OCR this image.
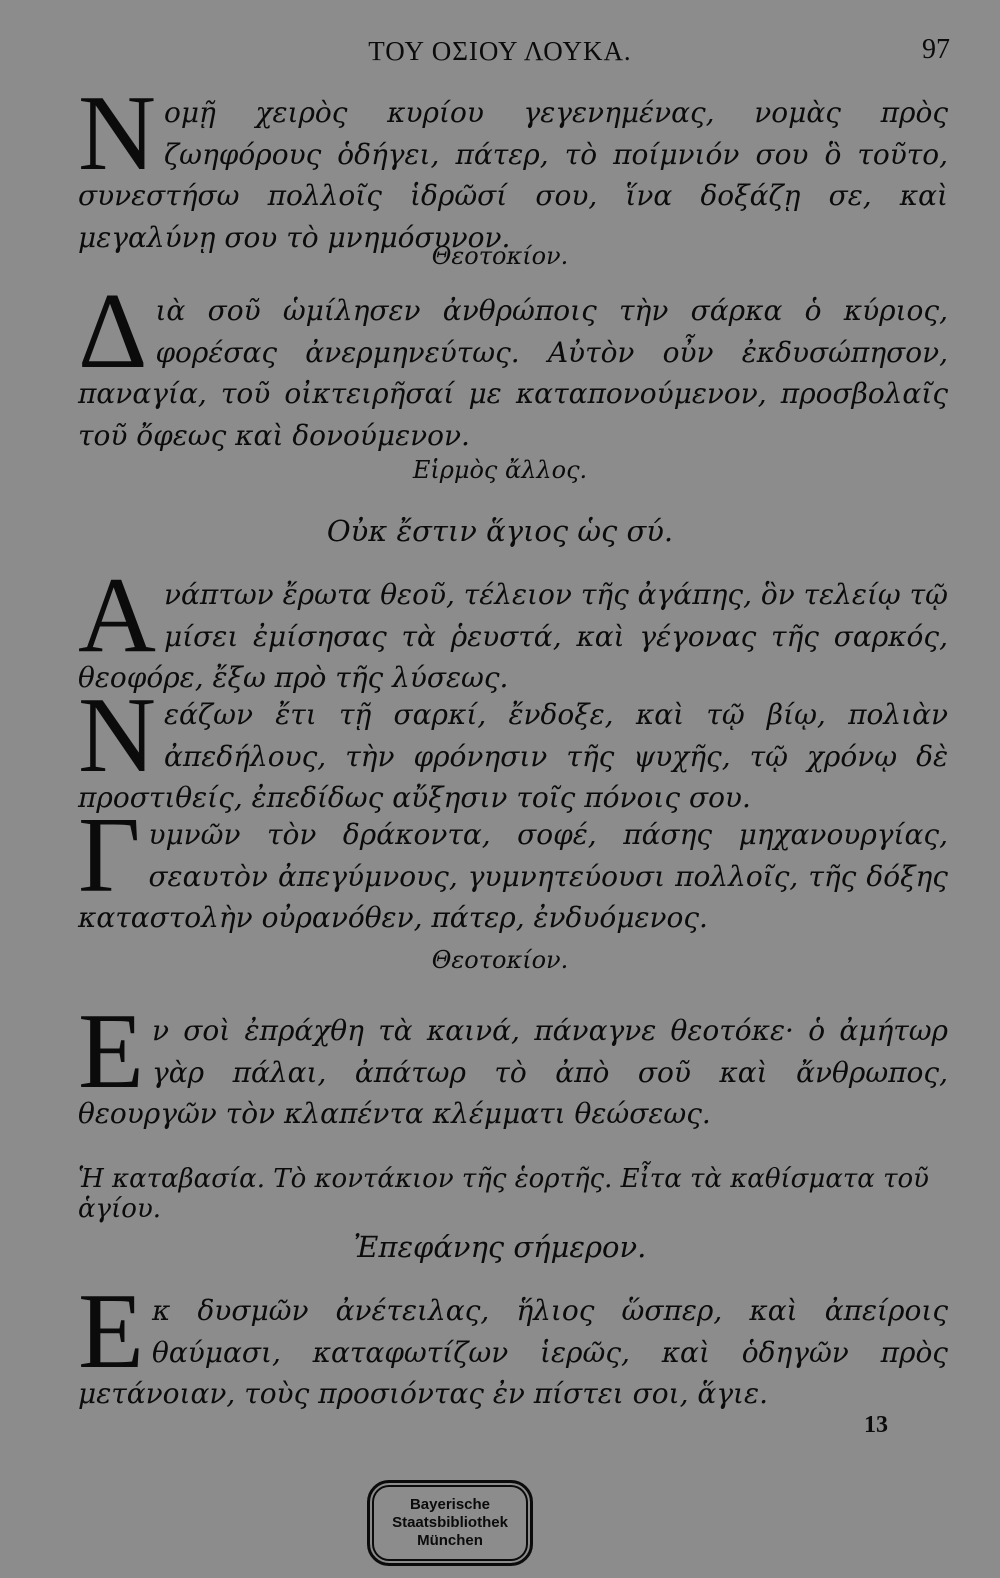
ΤΟΥ ΟΣΙΟΥ ΛΟΥΚΑ.	97

Νομῇ χειρὸς κυρίου γεγενημένας, νομὰς πρὸς ζωηφόρους ὁδήγει, πάτερ, τὸ ποίμνιόν σου ὃ τοῦτο, συνεστήσω πολλοῖς ἱδρῶσί σου, ἵνα δοξάζῃ σε, καὶ μεγαλύνῃ σου τὸ μνημόσυνον.

Θεοτοκίον.

Διὰ σοῦ ὡμίλησεν ἀνθρώποις τὴν σάρκα ὁ κύριος, φορέσας ἀνερμηνεύτως. Αὐτὸν οὖν ἐκδυσώπησον, παναγία, τοῦ οἰκτειρῆσαί με καταπονούμενον, προσβολαῖς τοῦ ὄφεως καὶ δονούμενον.

Εἱρμὸς ἄλλος.

Οὐκ ἔστιν ἅγιος ὡς σύ.

Ανάπτων ἔρωτα θεοῦ, τέλειον τῆς ἀγάπης, ὃν τελείῳ τῷ μίσει ἐμίσησας τὰ ῥευστά, καὶ γέγονας τῆς σαρκός, θεοφόρε, ἔξω πρὸ τῆς λύσεως.

Νεάζων ἔτι τῇ σαρκί, ἔνδοξε, καὶ τῷ βίῳ, πολιὰν ἀπεδήλους, τὴν φρόνησιν τῆς ψυχῆς, τῷ χρόνῳ δὲ προστιθείς, ἐπεδίδως αὔξησιν τοῖς πόνοις σου.

Γυμνῶν τὸν δράκοντα, σοφέ, πάσης μηχανουργίας, σεαυτὸν ἀπεγύμνους, γυμνητεύουσι πολλοῖς, τῆς δόξης καταστολὴν οὐρανόθεν, πάτερ, ἐνδυόμενος.

Θεοτοκίον.

Εν σοὶ ἐπράχθη τὰ καινά, πάναγνε θεοτόκε· ὁ ἀμήτωρ γὰρ πάλαι, ἀπάτωρ τὸ ἀπὸ σοῦ καὶ ἄνθρωπος, θεουργῶν τὸν κλαπέντα κλέμματι θεώσεως.

Ἡ καταβασία. Τὸ κοντάκιον τῆς ἑορτῆς. Εἶτα τὰ καθίσματα τοῦ ἁγίου.

Ἐπεφάνης σήμερον.

Εκ δυσμῶν ἀνέτειλας, ἥλιος ὥσπερ, καὶ ἀπείροις θαύμασι, καταφωτίζων ἱερῶς, καὶ ὁδηγῶν πρὸς μετάνοιαν, τοὺς προσιόντας ἐν πίστει σοι, ἅγιε.

13
Bayerische
Staatsbibliothek
München
